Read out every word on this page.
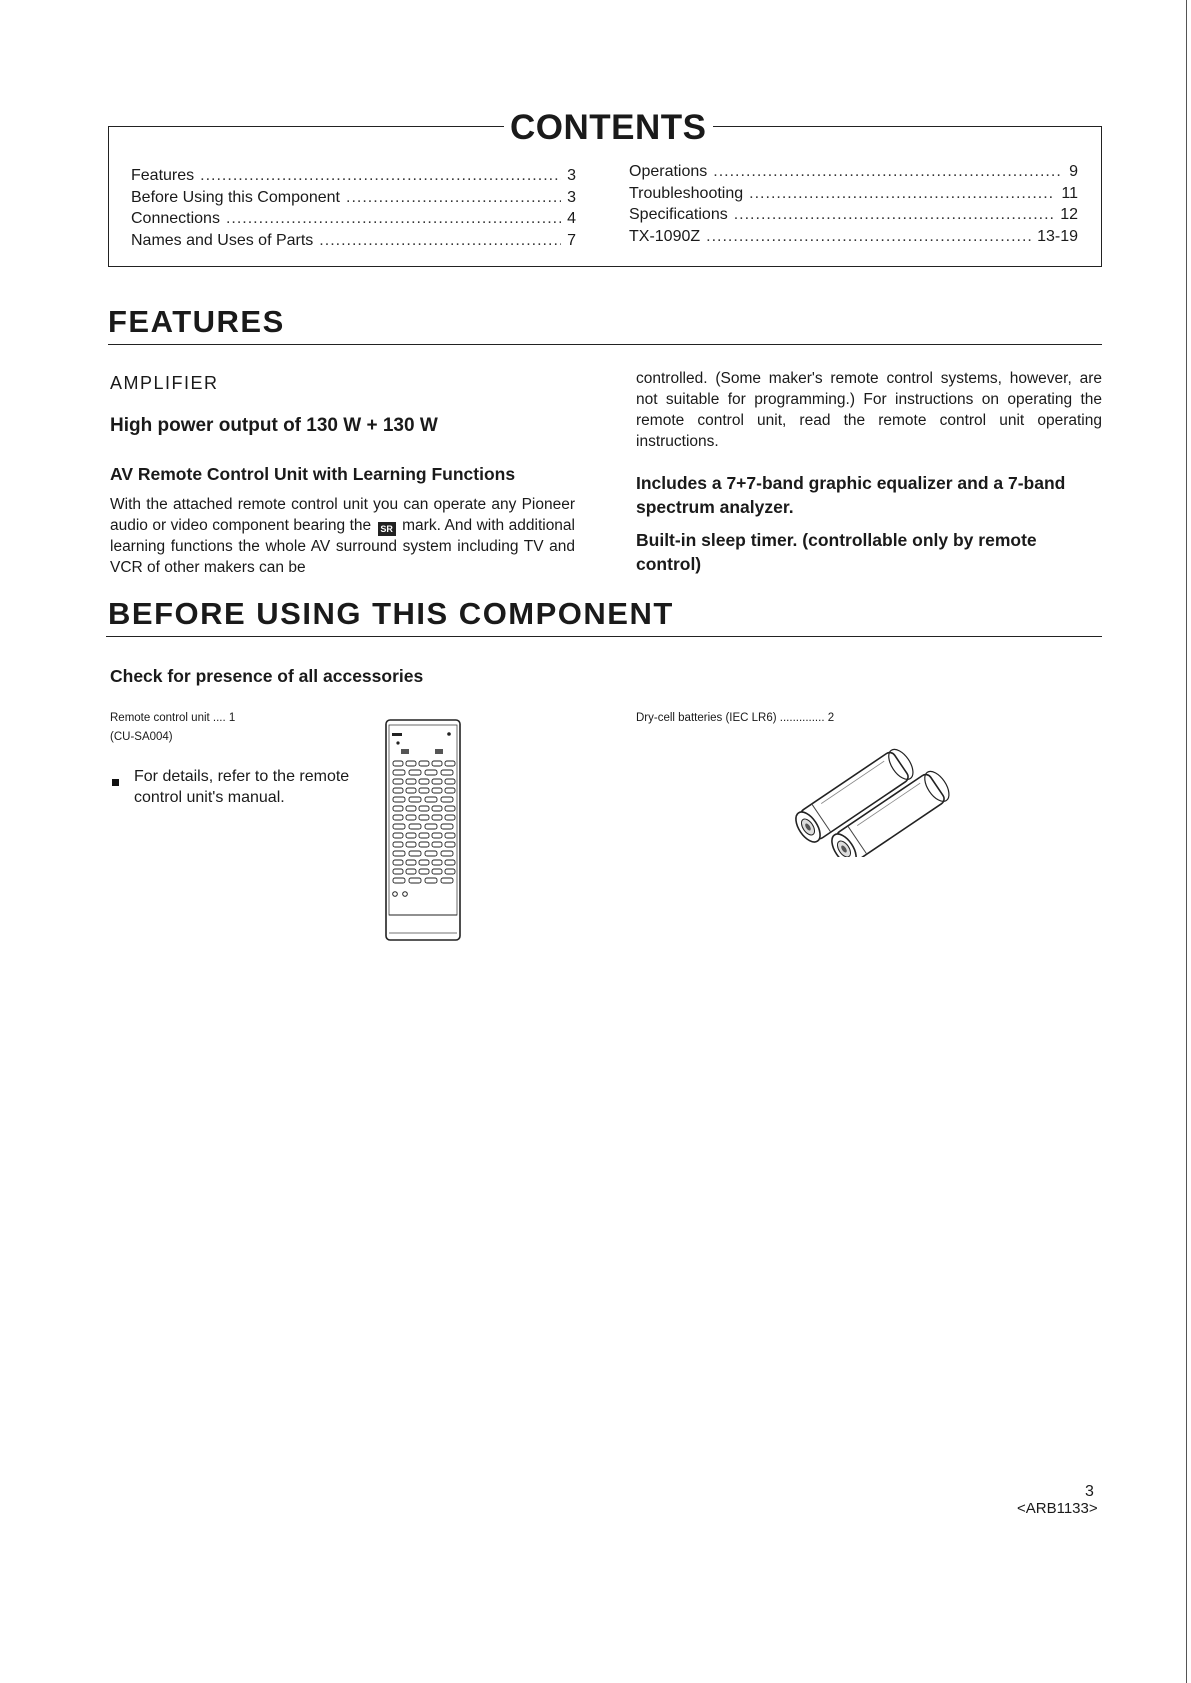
CONTENTS
Features .....	3
Before Using this Component .....	3
Connections .....	4
Names and Uses of Parts .....	7
Operations .....	9
Troubleshooting .....	11
Specifications .....	12
TX-1090Z .....	13-19
FEATURES
AMPLIFIER
High power output of 130 W + 130 W
AV Remote Control Unit with Learning Functions
With the attached remote control unit you can operate any Pioneer audio or video component bearing the SR mark. And with additional learning functions the whole AV surround system including TV and VCR of other makers can be
controlled. (Some maker's remote control systems, however, are not suitable for programming.) For instructions on operating the remote control unit, read the remote control unit operating instructions.
Includes a 7+7-band graphic equalizer and a 7-band spectrum analyzer.
Built-in sleep timer. (controllable only by remote control)
BEFORE USING THIS COMPONENT
Check for presence of all accessories
Remote control unit .... 1
(CU-SA004)
For details, refer to the remote control unit's manual.
Dry-cell batteries (IEC LR6) .............. 2
3
<ARB1133>
